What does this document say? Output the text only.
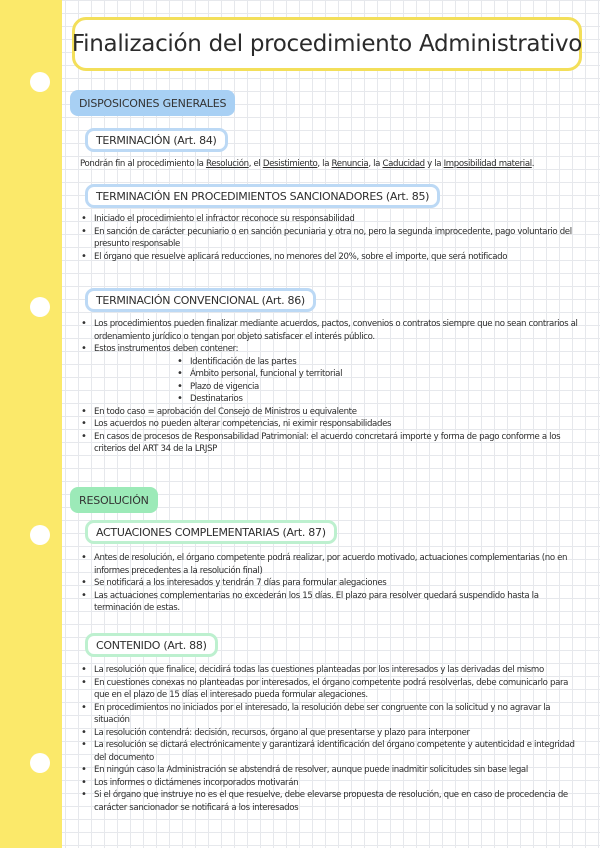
Finalización del procedimiento Administrativo
DISPOSICONES GENERALES
TERMINACIÓN (Art. 84)
Pondrán fin al procedimiento la Resolución, el Desistimiento, la Renuncia, la Caducidad y la Imposibilidad material.
TERMINACIÓN EN PROCEDIMIENTOS SANCIONADORES (Art. 85)
• Iniciado el procedimiento el infractor reconoce su responsabilidad
• En sanción de carácter pecuniario o en sanción pecuniaria y otra no, pero la segunda improcedente, pago voluntario del presunto responsable
• El órgano que resuelve aplicará reducciones, no menores del 20%, sobre el importe, que será notificado
TERMINACIÓN CONVENCIONAL (Art. 86)
• Los procedimientos pueden finalizar mediante acuerdos, pactos, convenios o contratos siempre que no sean contrarios al ordenamiento jurídico o tengan por objeto satisfacer el interés público.
• Estos instrumentos deben contener:
• Identificación de las partes
• Ámbito personal, funcional y territorial
• Plazo de vigencia
• Destinatarios
• En todo caso = aprobación del Consejo de Ministros u equivalente
• Los acuerdos no pueden alterar competencias, ni eximir responsabilidades
• En casos de procesos de Responsabilidad Patrimonial: el acuerdo concretará importe y forma de pago conforme a los criterios del ART 34 de la LRJSP
RESOLUCIÓN
ACTUACIONES COMPLEMENTARIAS (Art. 87)
• Antes de resolución, el órgano competente podrá realizar, por acuerdo motivado, actuaciones complementarias (no en informes precedentes a la resolución final)
• Se notificará a los interesados y tendrán 7 días para formular alegaciones
• Las actuaciones complementarias no excederán los 15 días. El plazo para resolver quedará suspendido hasta la terminación de estas.
CONTENIDO (Art. 88)
• La resolución que finalice, decidirá todas las cuestiones planteadas por los interesados y las derivadas del mismo
• En cuestiones conexas no planteadas por interesados, el órgano competente podrá resolverlas, debe comunicarlo para que en el plazo de 15 días el interesado pueda formular alegaciones.
• En procedimientos no iniciados por el interesado, la resolución debe ser congruente con la solicitud y no agravar la situación
• La resolución contendrá: decisión, recursos, órgano al que presentarse y plazo para interponer
• La resolución se dictará electrónicamente y garantizará identificación del órgano competente y autenticidad e integridad del documento
• En ningún caso la Administración se abstendrá de resolver, aunque puede inadmitir solicitudes sin base legal
• Los informes o dictámenes incorporados motivarán
• Si el órgano que instruye no es el que resuelve, debe elevarse propuesta de resolución, que en caso de procedencia de carácter sancionador se notificará a los interesados
